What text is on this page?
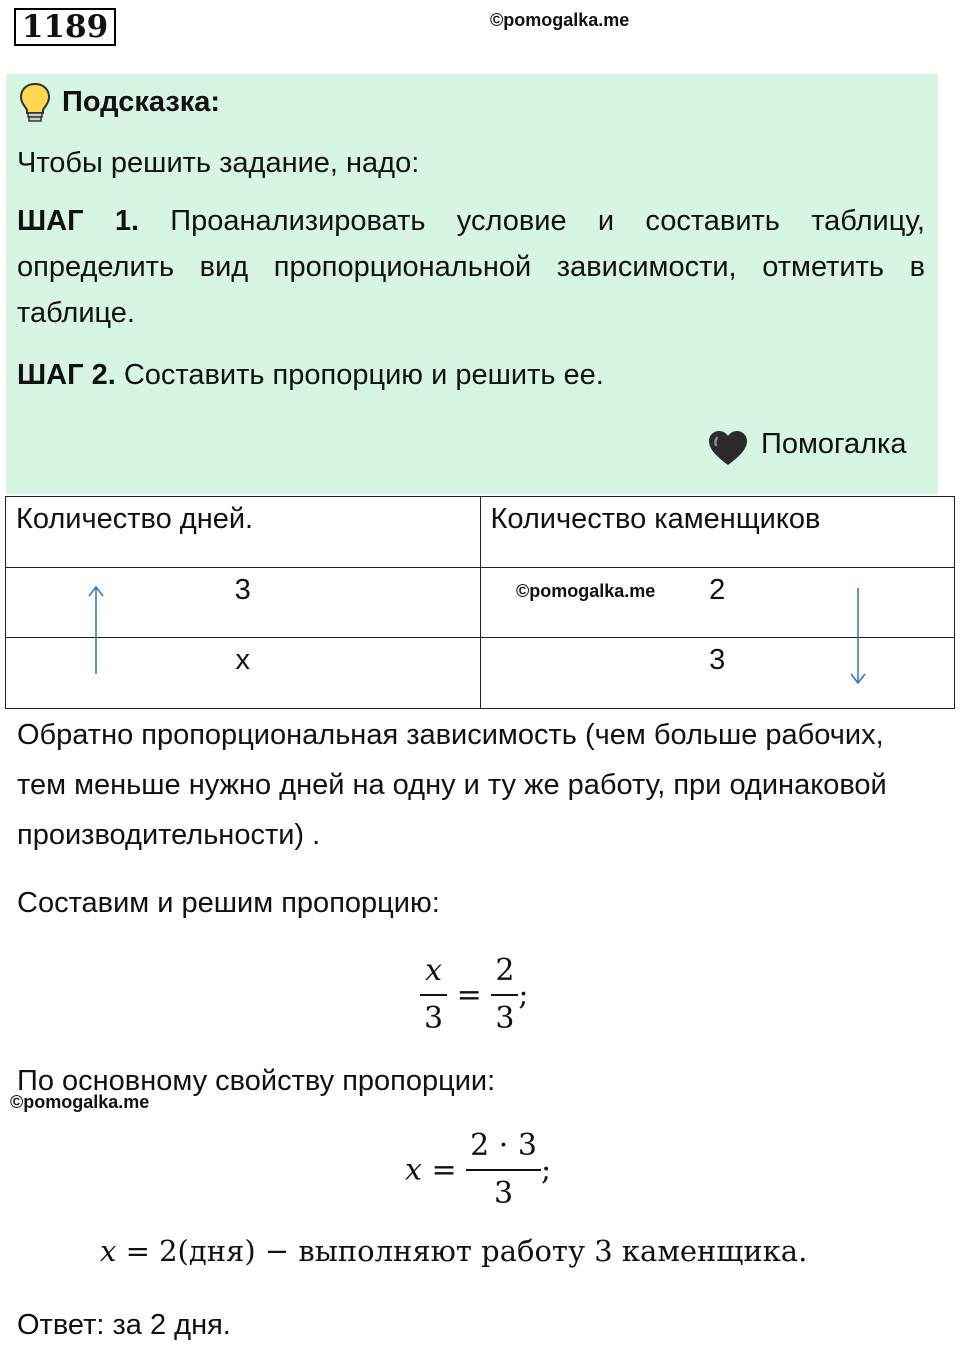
1189	©pomogalka.me
Подсказка:
Чтобы решить задание, надо:
ШАГ 1. Проанализировать условие и составить таблицу, определить вид пропорциональной зависимости, отметить в таблице.
ШАГ 2. Составить пропорцию и решить ее.
Помогалка
Количество дней.	Количество каменщиков
3	2
x	3
©pomogalka.me
Обратно пропорциональная зависимость (чем больше рабочих, тем меньше нужно дней на одну и ту же работу, при одинаковой производительности) .
Составим и решим пропорцию:
$\frac{x}{3} = \frac{2}{3}$ ;
По основному свойству пропорции:
©pomogalka.me
$x = \frac{2 \cdot 3}{3}$ ;
x = 2(дня) − выполняют работу 3 каменщика.
Ответ: за 2 дня.
